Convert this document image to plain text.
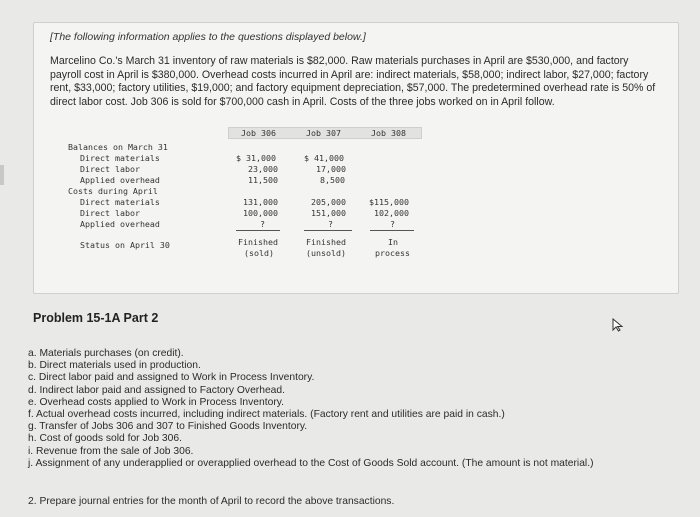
[The following information applies to the questions displayed below.]
Marcelino Co.'s March 31 inventory of raw materials is $82,000. Raw materials purchases in April are $530,000, and factory payroll cost in April is $380,000. Overhead costs incurred in April are: indirect materials, $58,000; indirect labor, $27,000; factory rent, $33,000; factory utilities, $19,000; and factory equipment depreciation, $57,000. The predetermined overhead rate is 50% of direct labor cost. Job 306 is sold for $700,000 cash in April. Costs of the three jobs worked on in April follow.
Job 306	Job 307	Job 308
Balances on March 31
Direct materials	$ 31,000	$ 41,000
Direct labor	23,000	17,000
Applied overhead	11,500	8,500
Costs during April
Direct materials	131,000	205,000	$115,000
Direct labor	100,000	151,000	102,000
Applied overhead	?	?	?
Status on April 30	Finished	Finished	In
(sold)	(unsold)	process
Problem 15-1A Part 2
a. Materials purchases (on credit).
b. Direct materials used in production.
c. Direct labor paid and assigned to Work in Process Inventory.
d. Indirect labor paid and assigned to Factory Overhead.
e. Overhead costs applied to Work in Process Inventory.
f. Actual overhead costs incurred, including indirect materials. (Factory rent and utilities are paid in cash.)
g. Transfer of Jobs 306 and 307 to Finished Goods Inventory.
h. Cost of goods sold for Job 306.
i. Revenue from the sale of Job 306.
j. Assignment of any underapplied or overapplied overhead to the Cost of Goods Sold account. (The amount is not material.)
2. Prepare journal entries for the month of April to record the above transactions.
